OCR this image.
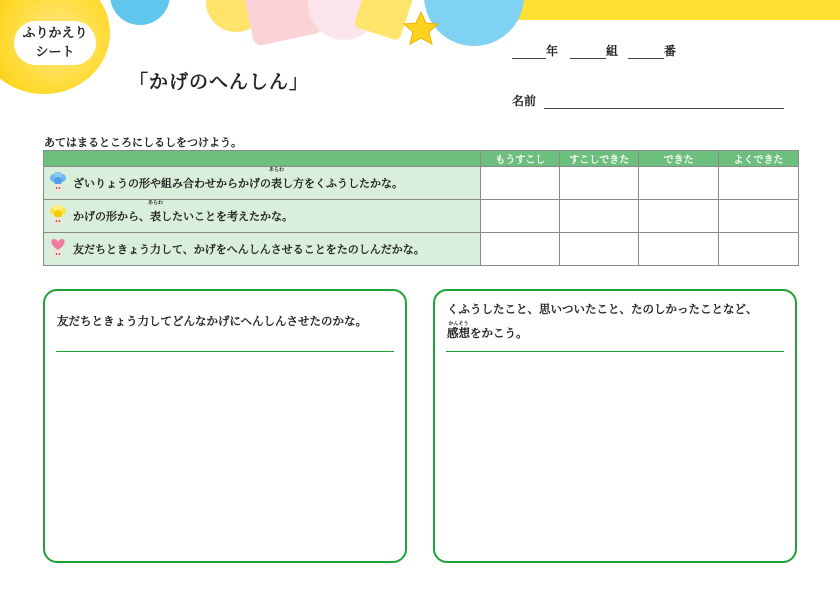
ふりかえり
シート
「かげのへんしん」
年	組	番
名前
あてはまるところにしるしをつけよう。
	もうすこし	すこしできた	できた	よくできた

ざいりょうの形や組み合わせからかげの表
あらわ
し方をくふうしたかな。				

かげの形から、表
あらわ
したいことを考えたかな。				

友だちときょう力して、かげをへんしんさせることをたのしんだかな。				

友だちときょう力してどんなかげにへんしんさせたのかな。
くふうしたこと、思いついたこと、たのしかったことなど、
感想
かんそう
をかこう。
